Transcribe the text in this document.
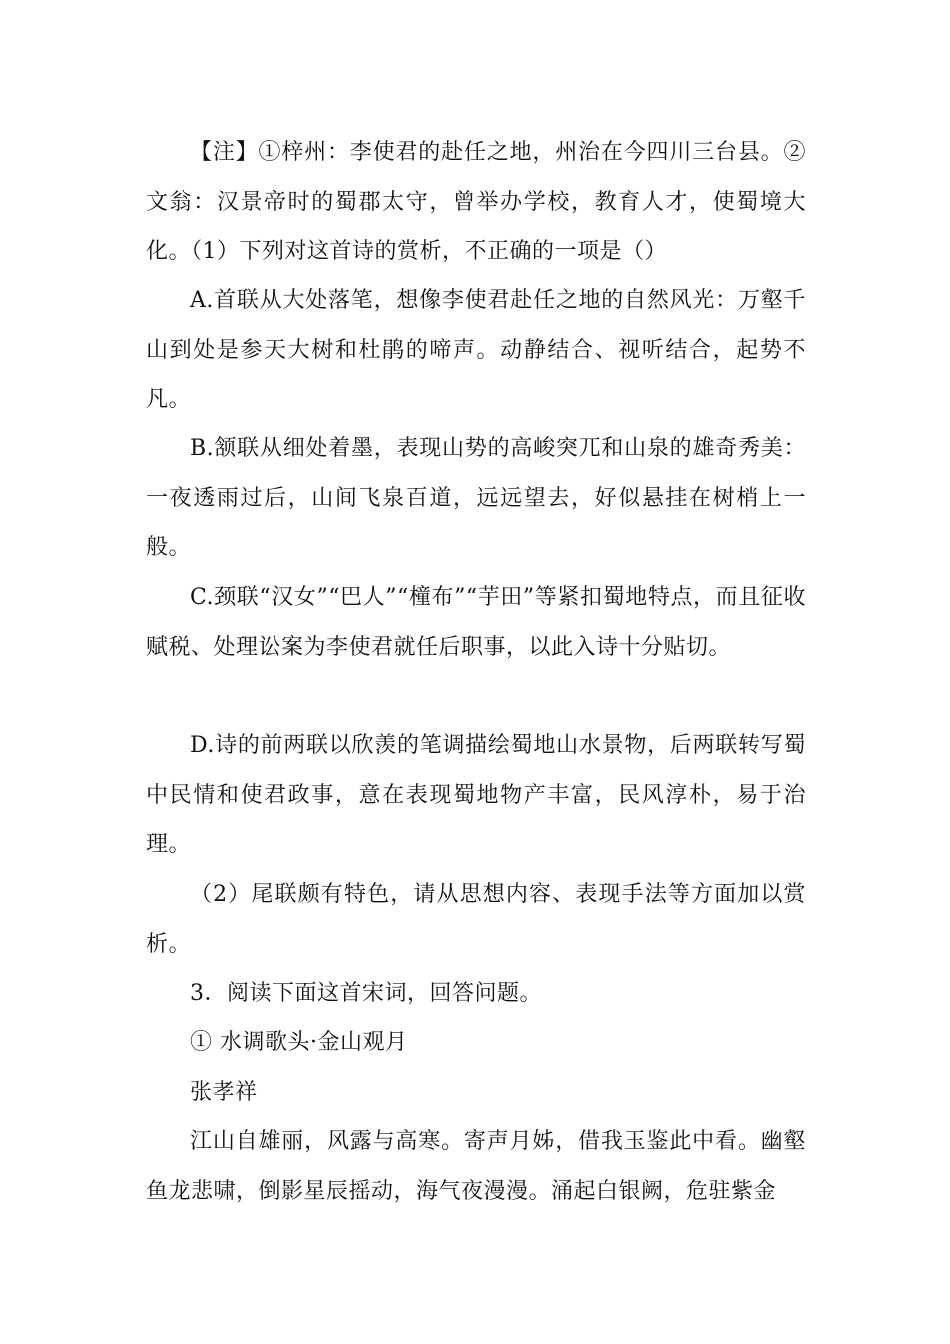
【注】①梓州：李使君的赴任之地，州治在今四川三台县。②文翁：汉景帝时的蜀郡太守，曾举办学校，教育人才，使蜀境大化。（1）下列对这首诗的赏析，不正确的一项是（）

A.首联从大处落笔，想像李使君赴任之地的自然风光：万壑千山到处是参天大树和杜鹃的啼声。动静结合、视听结合，起势不凡。

B.颔联从细处着墨，表现山势的高峻突兀和山泉的雄奇秀美：一夜透雨过后，山间飞泉百道，远远望去，好似悬挂在树梢上一般。

C.颈联“汉女”“巴人”“橦布”“芋田”等紧扣蜀地特点，而且征收赋税、处理讼案为李使君就任后职事，以此入诗十分贴切。

D.诗的前两联以欣羡的笔调描绘蜀地山水景物，后两联转写蜀中民情和使君政事，意在表现蜀地物产丰富，民风淳朴，易于治理。

（2）尾联颇有特色，请从思想内容、表现手法等方面加以赏析。

3．阅读下面这首宋词，回答问题。

① 水调歌头·金山观月

张孝祥

江山自雄丽，风露与高寒。寄声月姊，借我玉鉴此中看。幽壑鱼龙悲啸，倒影星辰摇动，海气夜漫漫。涌起白银阙，危驻紫金
